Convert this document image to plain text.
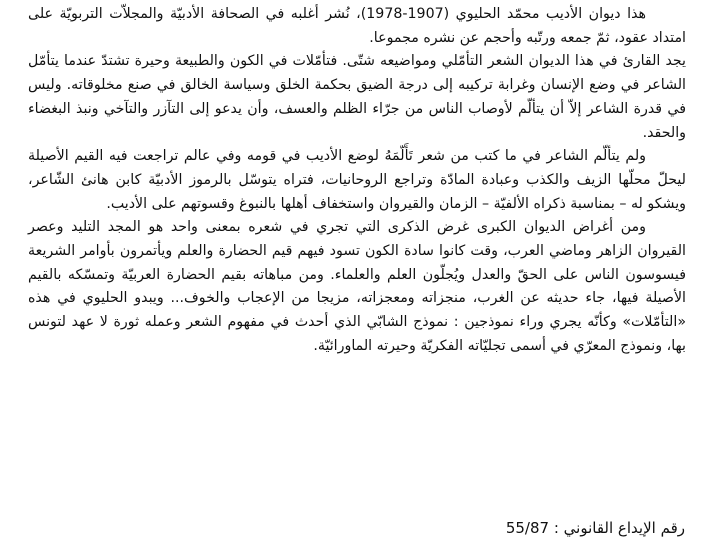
هذا ديوان الأديب محمّد الحليوي (1907-1978)، نُشر أغلبه في الصحافة الأدبيّة والمجلاّت التربويّة على امتداد عقود، ثمّ جمعه ورتّبه وأحجم عن نشره مجموعا.

يجد القارئ في هذا الديوان الشعر التأمّلي ومواضيعه شتّى. فتأمّلات في الكون والطبيعة وحيرة تشتدّ عندما يتأمّل الشاعر في وضع الإنسان وغرابة تركيبه إلى درجة الضيق بحكمة الخلق وسياسة الخالق في صنع مخلوقاته. وليس في قدرة الشاعر إلاّ أن يتألّم لأوصاب الناس من جرّاء الظلم والعسف، وأن يدعو إلى التآزر والتآخي ونبذ البغضاء والحقد.

ولم يتألّم الشاعر في ما كتب من شعر تَأَلّمَهُ لوضع الأديب في قومه وفي عالم تراجعت فيه القيم الأصيلة ليحلّ محلّها الزيف والكذب وعبادة المادّة وتراجع الروحانيات، فتراه يتوسّل بالرموز الأدبيّة كابن هانئ الشّاعر، ويشكو له – بمناسبة ذكراه الألفيّة – الزمان والقيروان واستخفاف أهلها بالنبوغ وقسوتهم على الأديب.

ومن أغراض الديوان الكبرى غرض الذكرى التي تجري في شعره بمعنى واحد هو المجد التليد وعصر القيروان الزاهر وماضي العرب، وقت كانوا سادة الكون تسود فيهم قيم الحضارة والعلم ويأتمرون بأوامر الشريعة فيسوسون الناس على الحقّ والعدل ويُجلّون العلم والعلماء. ومن مباهاته بقيم الحضارة العربيّة وتمسّكه بالقيم الأصيلة فيها، جاء حديثه عن الغرب، منجزاته ومعجزاته، مزيجا من الإعجاب والخوف... ويبدو الحليوي في هذه «التأمّلات» وكأنّه يجري وراء نموذجين : نموذج الشابّي الذي أحدث في مفهوم الشعر وعمله ثورة لا عهد لتونس بها، ونموذج المعرّي في أسمى تجليّاته الفكريّة وحيرته الماورائيّة.

رقم الإيداع القانوني : 55/87
